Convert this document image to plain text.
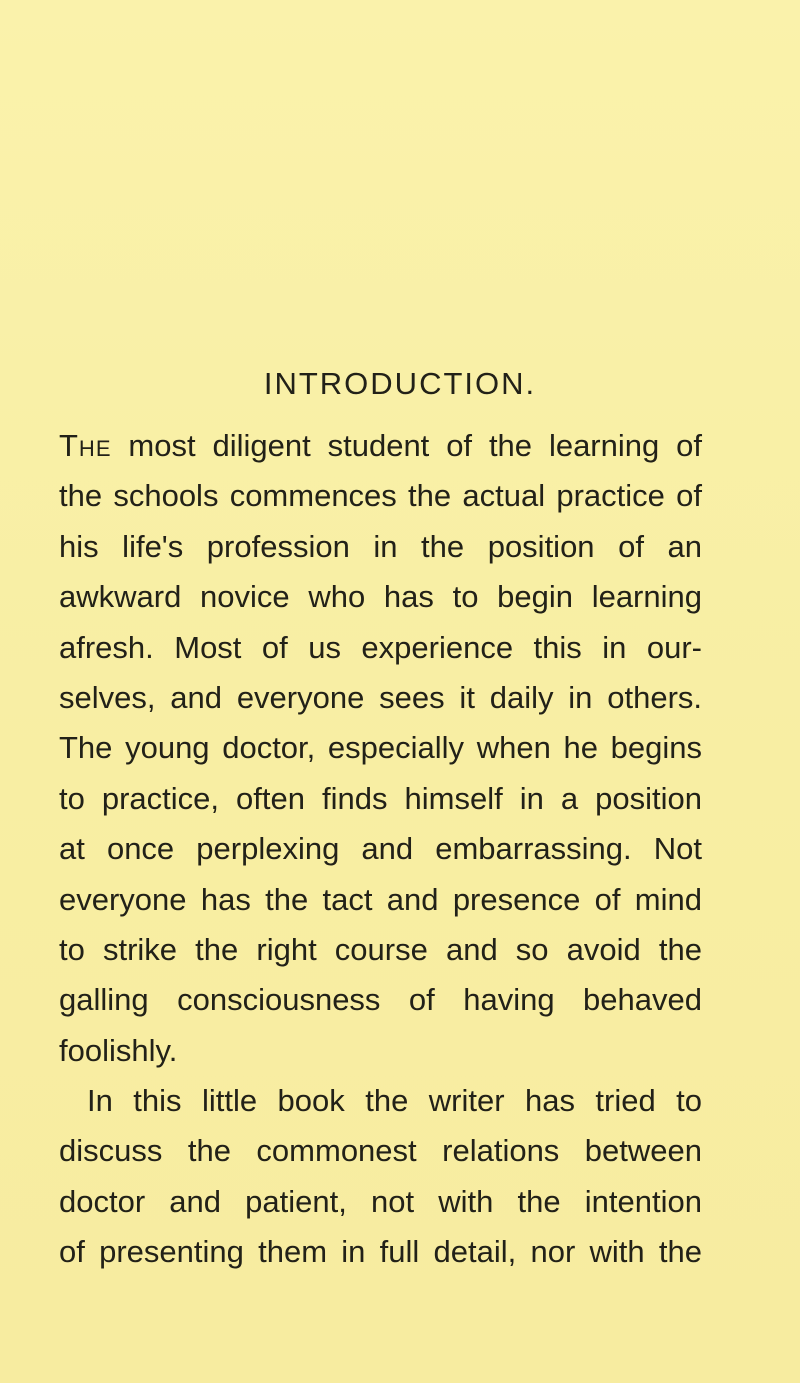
INTRODUCTION.
The most diligent student of the learning of
the schools commences the actual practice of
his life's profession in the position of an
awkward novice who has to begin learning
afresh. Most of us experience this in our-
selves, and everyone sees it daily in others.
The young doctor, especially when he begins
to practice, often finds himself in a position
at once perplexing and embarrassing. Not
everyone has the tact and presence of mind
to strike the right course and so avoid the
galling consciousness of having behaved
foolishly.
In this little book the writer has tried to
discuss the commonest relations between
doctor and patient, not with the intention
of presenting them in full detail, nor with the
